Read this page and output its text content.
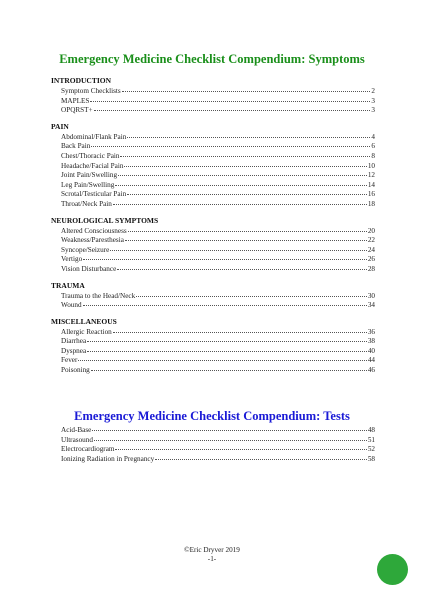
Emergency Medicine Checklist Compendium: Symptoms
INTRODUCTION
Symptom Checklists	2
MAPLES	3
OPQRST+	3
PAIN
Abdominal/Flank Pain	4
Back Pain	6
Chest/Thoracic Pain	8
Headache/Facial Pain	10
Joint Pain/Swelling	12
Leg Pain/Swelling	14
Scrotal/Testicular Pain	16
Throat/Neck Pain	18
NEUROLOGICAL SYMPTOMS
Altered Consciousness	20
Weakness/Paresthesia	22
Syncope/Seizure	24
Vertigo	26
Vision Disturbance	28
TRAUMA
Trauma to the Head/Neck	30
Wound	34
MISCELLANEOUS
Allergic Reaction	36
Diarrhea	38
Dyspnea	40
Fever	44
Poisoning	46
Emergency Medicine Checklist Compendium: Tests
Acid-Base	48
Ultrasound	51
Electrocardiogram	52
Ionizing Radiation in Pregnancy	58
©Eric Dryver 2019
-1-
